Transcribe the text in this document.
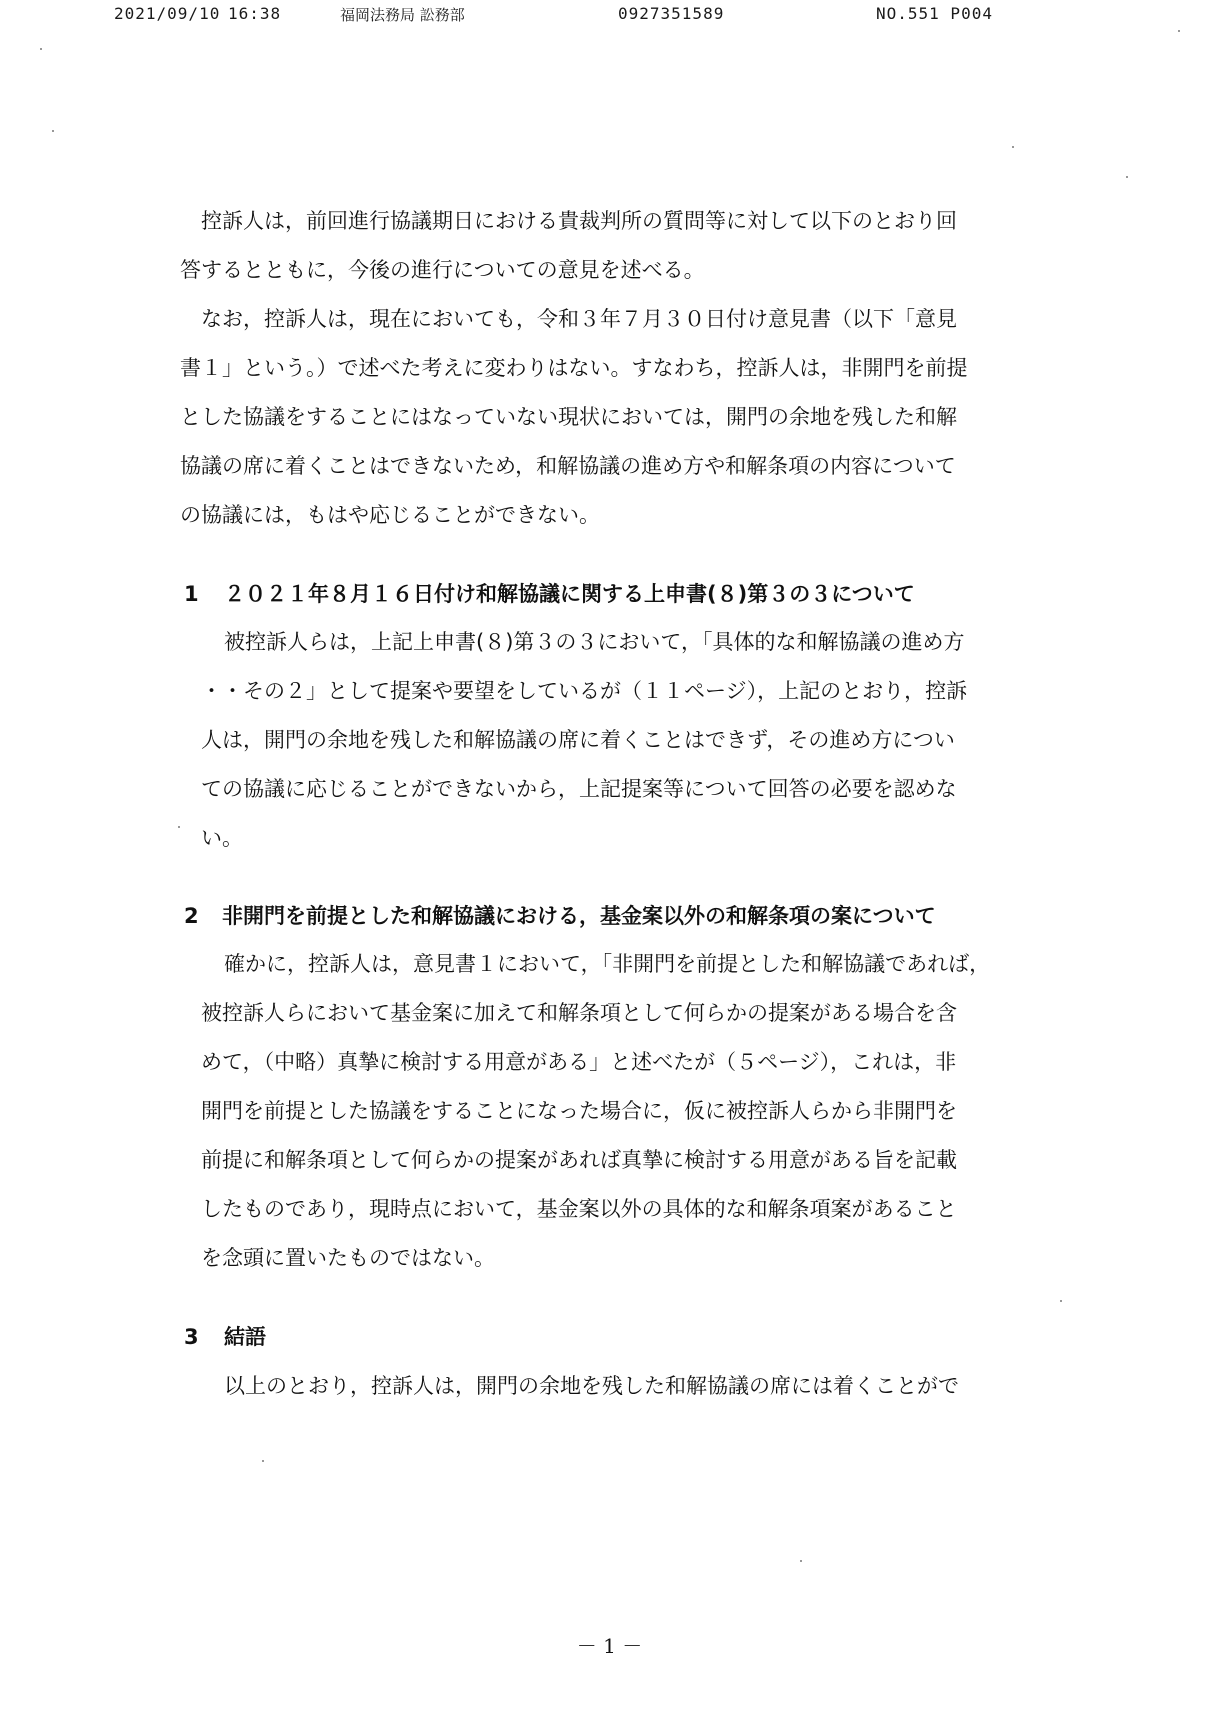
2021/09/10 16:38	福岡法務局 訟務部	0927351589	NO.551 P004
控訴人は，前回進行協議期日における貴裁判所の質問等に対して以下のとおり回
答するとともに，今後の進行についての意見を述べる。
なお，控訴人は，現在においても，令和３年７月３０日付け意見書（以下「意見
書１」という。）で述べた考えに変わりはない。すなわち，控訴人は，非開門を前提
とした協議をすることにはなっていない現状においては，開門の余地を残した和解
協議の席に着くことはできないため，和解協議の進め方や和解条項の内容について
の協議には，もはや応じることができない。
1 ２０２１年８月１６日付け和解協議に関する上申書(８)第３の３について
被控訴人らは，上記上申書(８)第３の３において，「具体的な和解協議の進め方
・・その２」として提案や要望をしているが（１１ページ），上記のとおり，控訴
人は，開門の余地を残した和解協議の席に着くことはできず，その進め方につい
ての協議に応じることができないから，上記提案等について回答の必要を認めな
い。
2 非開門を前提とした和解協議における，基金案以外の和解条項の案について
確かに，控訴人は，意見書１において，「非開門を前提とした和解協議であれば，
被控訴人らにおいて基金案に加えて和解条項として何らかの提案がある場合を含
めて，（中略）真摯に検討する用意がある」と述べたが（５ページ），これは，非
開門を前提とした協議をすることになった場合に，仮に被控訴人らから非開門を
前提に和解条項として何らかの提案があれば真摯に検討する用意がある旨を記載
したものであり，現時点において，基金案以外の具体的な和解条項案があること
を念頭に置いたものではない。
3 結語
以上のとおり，控訴人は，開門の余地を残した和解協議の席には着くことがで
－ 1 －
